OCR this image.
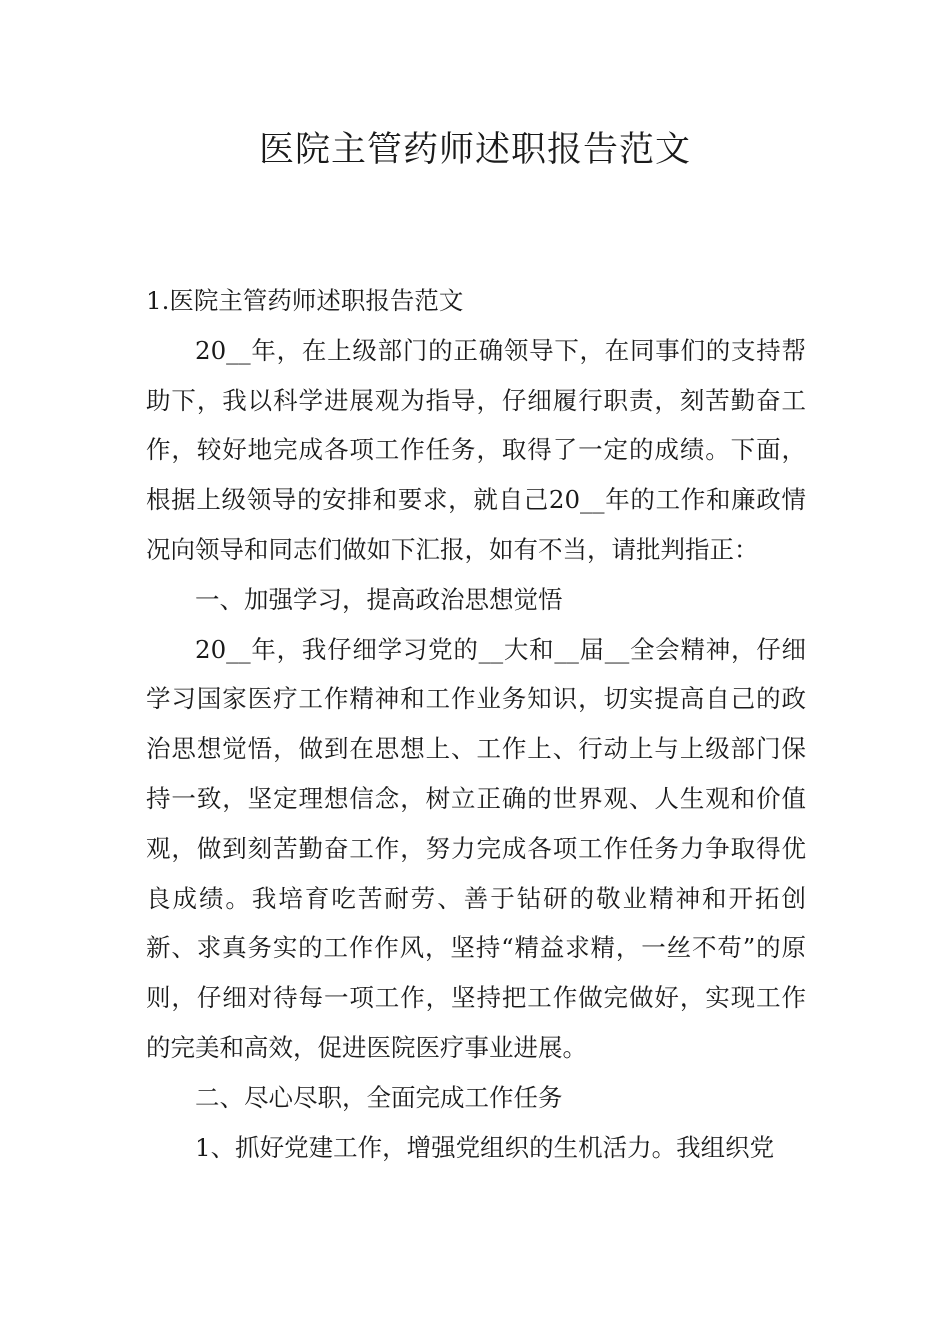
医院主管药师述职报告范文

1.医院主管药师述职报告范文

20__年，在上级部门的正确领导下，在同事们的支持帮助下，我以科学进展观为指导，仔细履行职责，刻苦勤奋工作，较好地完成各项工作任务，取得了一定的成绩。下面，根据上级领导的安排和要求，就自己20__年的工作和廉政情况向领导和同志们做如下汇报，如有不当，请批判指正：

一、加强学习，提高政治思想觉悟

20__年，我仔细学习党的__大和__届__全会精神，仔细学习国家医疗工作精神和工作业务知识，切实提高自己的政治思想觉悟，做到在思想上、工作上、行动上与上级部门保持一致，坚定理想信念，树立正确的世界观、人生观和价值观，做到刻苦勤奋工作，努力完成各项工作任务力争取得优良成绩。我培育吃苦耐劳、善于钻研的敬业精神和开拓创新、求真务实的工作作风，坚持“精益求精，一丝不苟”的原则，仔细对待每一项工作，坚持把工作做完做好，实现工作的完美和高效，促进医院医疗事业进展。

二、尽心尽职，全面完成工作任务

1、抓好党建工作，增强党组织的生机活力。我组织党
